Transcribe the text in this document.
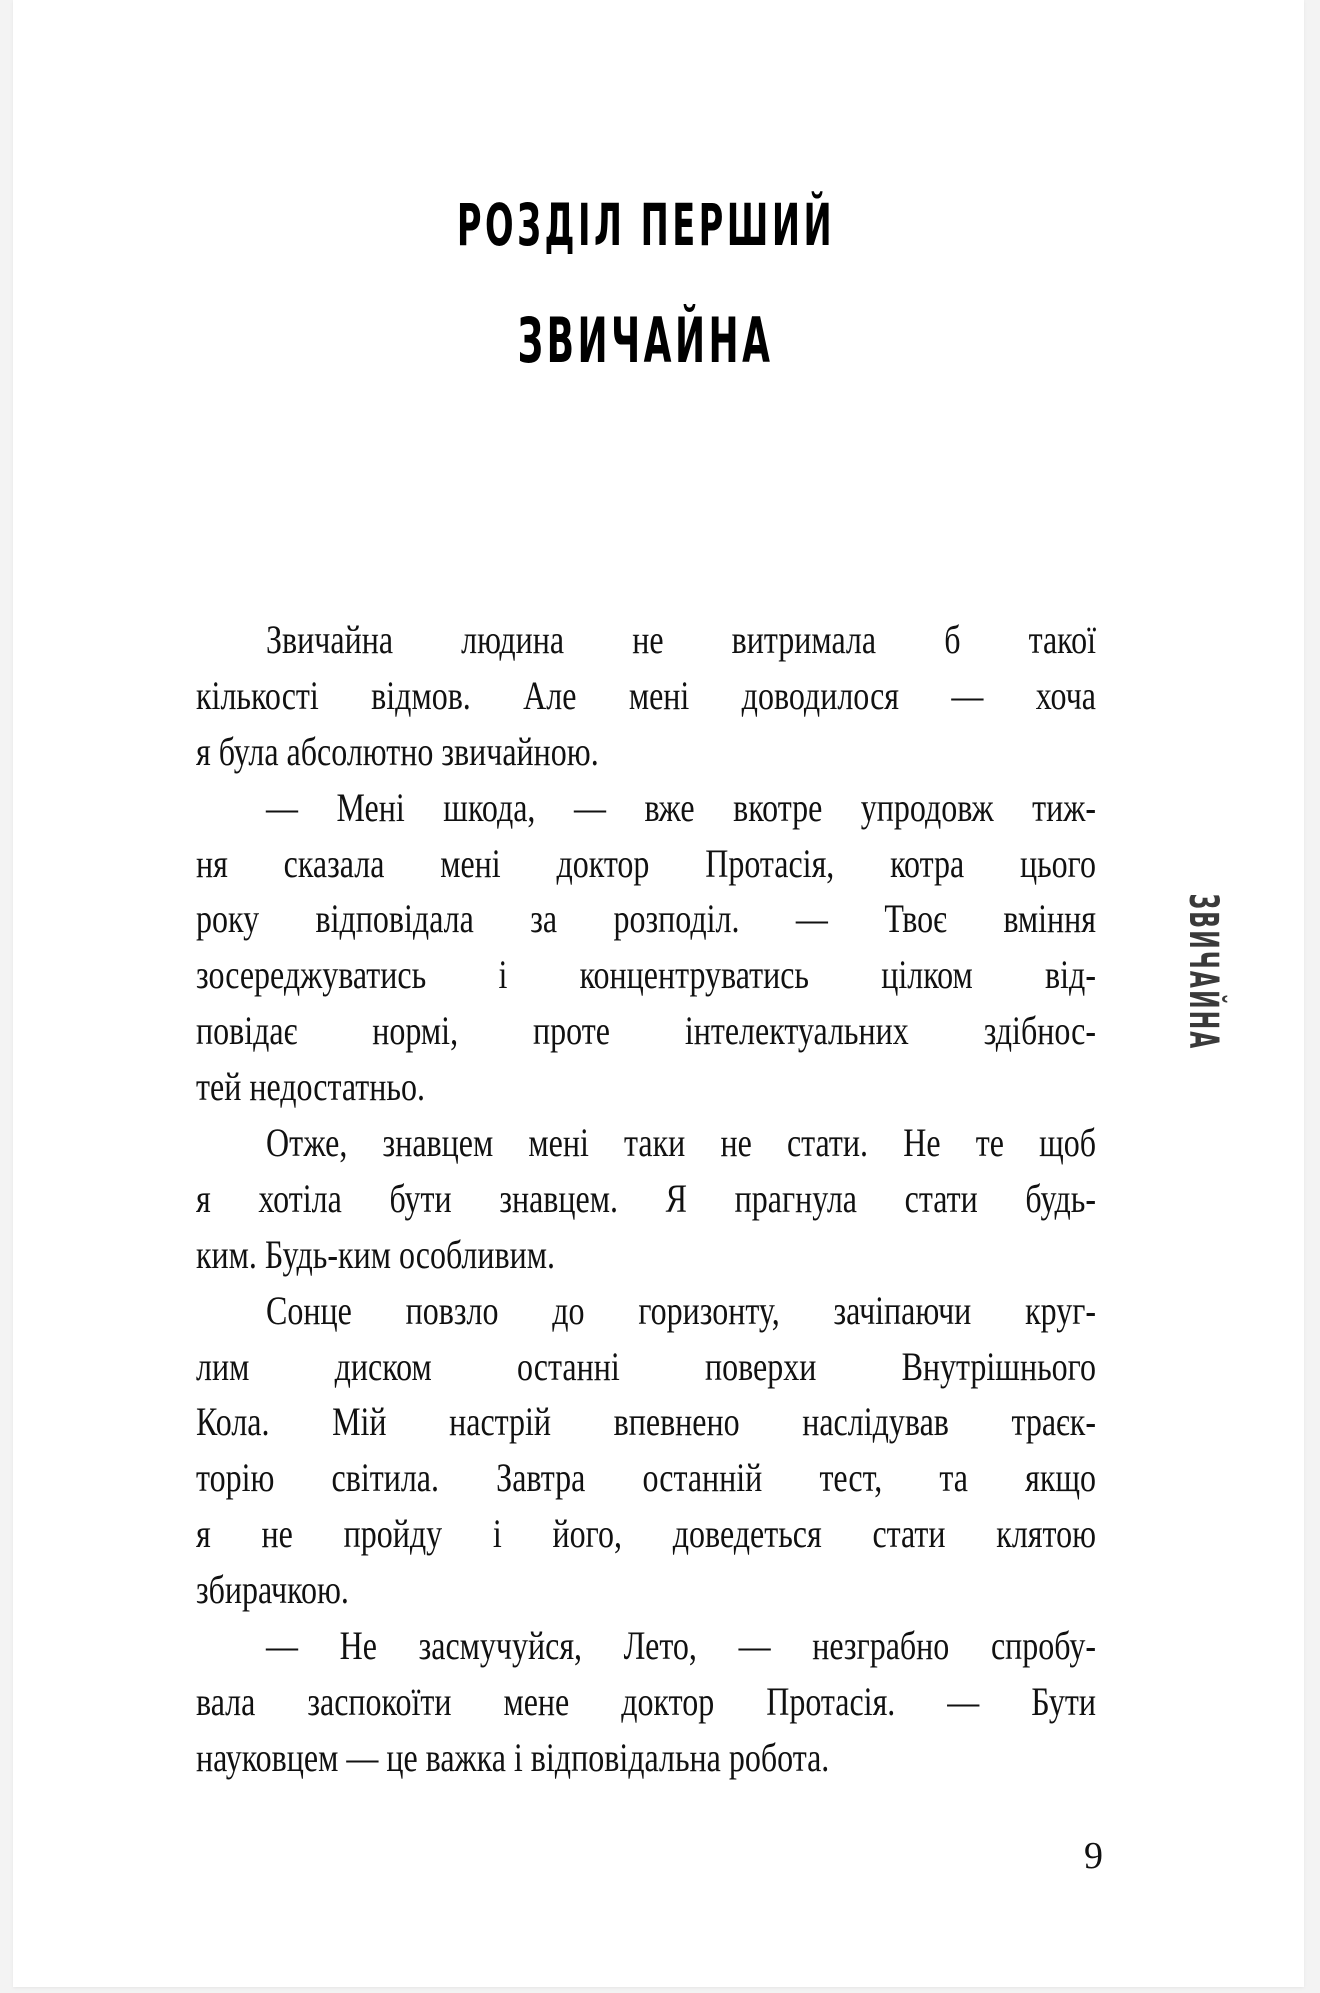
РОЗДІЛ ПЕРШИЙ
ЗВИЧАЙНА
Звичайна людина не витримала б такої
кількості відмов. Але мені доводилося — хоча
я була абсолютно звичайною.
— Мені шкода, — вже вкотре упродовж тиж-
ня сказала мені доктор Протасія, котра цього
року відповідала за розподіл. — Твоє вміння
зосереджуватись і концентруватись цілком від-
повідає нормі, проте інтелектуальних здібнос-
тей недостатньо.
Отже, знавцем мені таки не стати. Не те щоб
я хотіла бути знавцем. Я прагнула стати будь-
ким. Будь-ким особливим.
Сонце повзло до горизонту, зачіпаючи круг-
лим диском останні поверхи Внутрішнього
Кола. Мій настрій впевнено наслідував траєк-
торію світила. Завтра останній тест, та якщо
я не пройду і його, доведеться стати клятою
збирачкою.
— Не засмучуйся, Лето, — незграбно спробу-
вала заспокоїти мене доктор Протасія. — Бути
науковцем — це важка і відповідальна робота.
ЗВИЧАЙНА
9
